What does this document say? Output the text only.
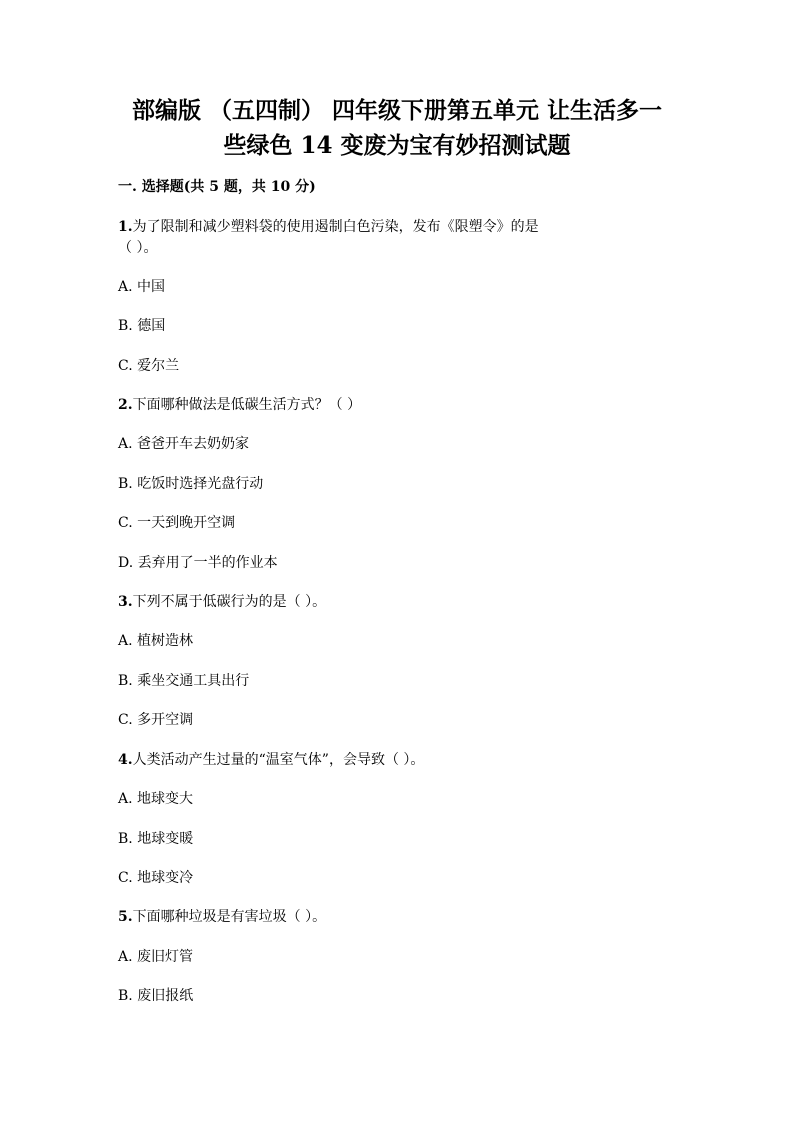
部编版 （五四制） 四年级下册第五单元 让生活多一
些绿色 14 变废为宝有妙招测试题
一. 选择题(共 5 题，共 10 分)
1.为了限制和减少塑料袋的使用遏制白色污染，发布《限塑令》的是
（ ）。
A. 中国
B. 德国
C. 爱尔兰
2.下面哪种做法是低碳生活方式？（ ）
A. 爸爸开车去奶奶家
B. 吃饭时选择光盘行动
C. 一天到晚开空调
D. 丢弃用了一半的作业本
3.下列不属于低碳行为的是（ ）。
A. 植树造林
B. 乘坐交通工具出行
C. 多开空调
4.人类活动产生过量的“温室气体”，会导致（ ）。
A. 地球变大
B. 地球变暖
C. 地球变冷
5.下面哪种垃圾是有害垃圾（ ）。
A. 废旧灯管
B. 废旧报纸
